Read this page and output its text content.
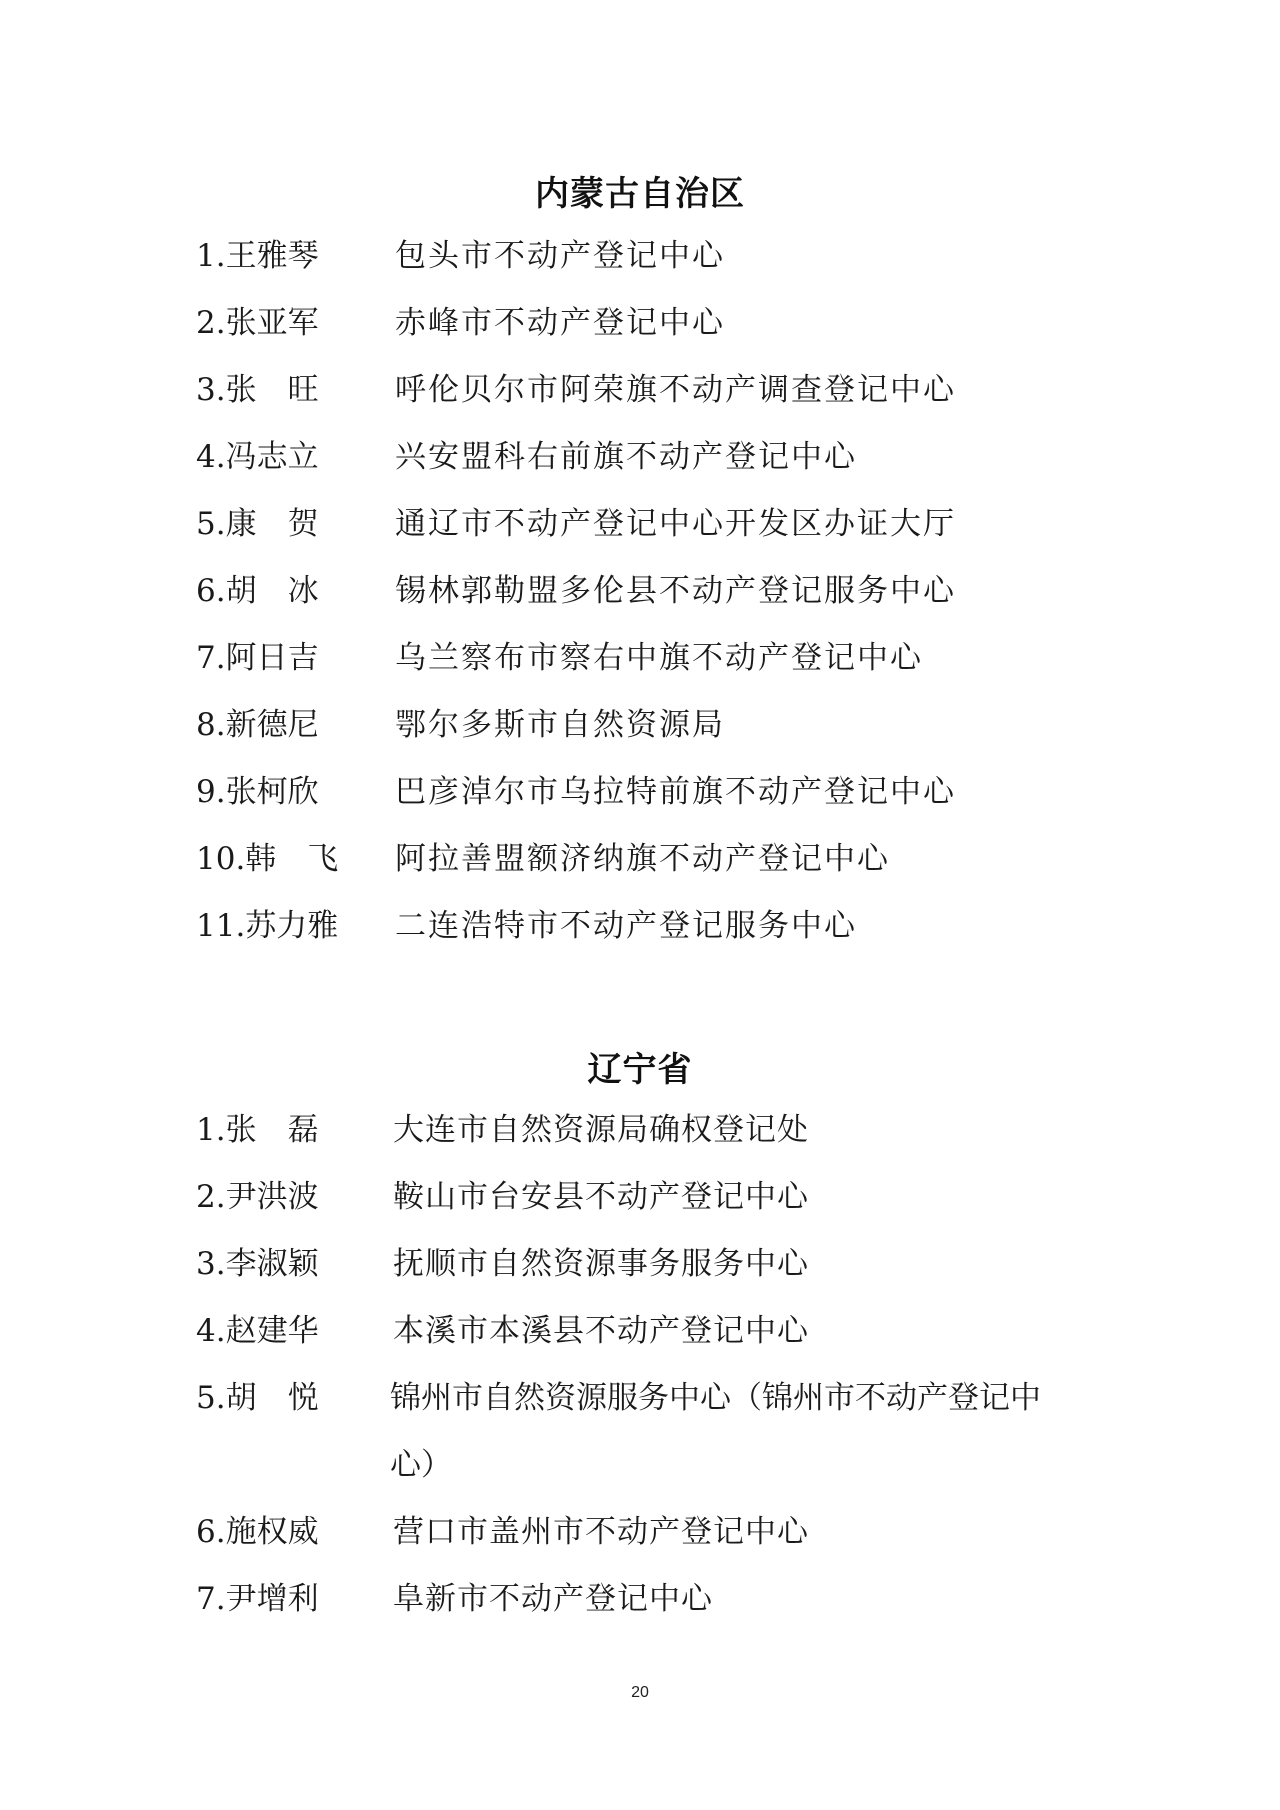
内蒙古自治区
1.王雅琴 包头市不动产登记中心
2.张亚军 赤峰市不动产登记中心
3.张　旺 呼伦贝尔市阿荣旗不动产调查登记中心
4.冯志立 兴安盟科右前旗不动产登记中心
5.康　贺 通辽市不动产登记中心开发区办证大厅
6.胡　冰 锡林郭勒盟多伦县不动产登记服务中心
7.阿日吉 乌兰察布市察右中旗不动产登记中心
8.新德尼 鄂尔多斯市自然资源局
9.张柯欣 巴彦淖尔市乌拉特前旗不动产登记中心
10.韩　飞 阿拉善盟额济纳旗不动产登记中心
11.苏力雅 二连浩特市不动产登记服务中心
辽宁省
1.张　磊 大连市自然资源局确权登记处
2.尹洪波 鞍山市台安县不动产登记中心
3.李淑颖 抚顺市自然资源事务服务中心
4.赵建华 本溪市本溪县不动产登记中心
5.胡　悦 锦州市自然资源服务中心（锦州市不动产登记中
心）
6.施权威 营口市盖州市不动产登记中心
7.尹增利 阜新市不动产登记中心
20
